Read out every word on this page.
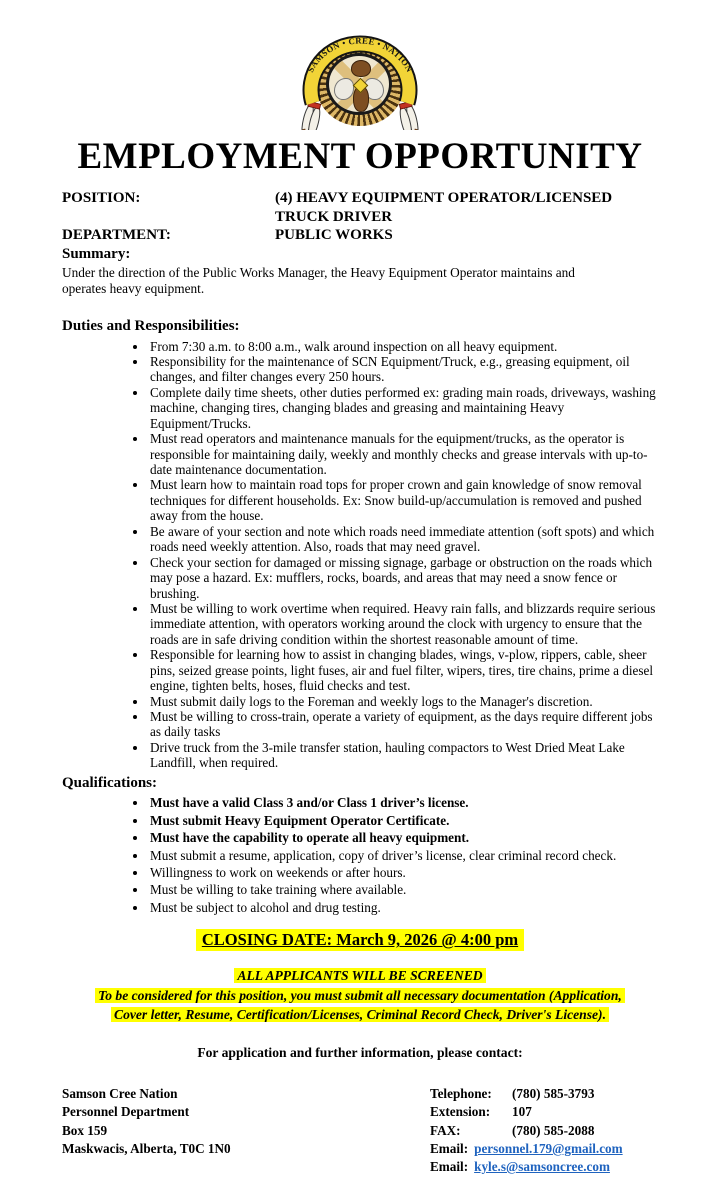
SAMSON • CREE • NATION
EMPLOYMENT OPPORTUNITY
POSITION:	(4) HEAVY EQUIPMENT OPERATOR/LICENSED
TRUCK DRIVER
DEPARTMENT:	PUBLIC WORKS
Summary:
Under the direction of the Public Works Manager, the Heavy Equipment Operator maintains and operates heavy equipment.
Duties and Responsibilities:
• From 7:30 a.m. to 8:00 a.m., walk around inspection on all heavy equipment.
• Responsibility for the maintenance of SCN Equipment/Truck, e.g., greasing equipment, oil changes, and filter changes every 250 hours.
• Complete daily time sheets, other duties performed ex: grading main roads, driveways, washing machine, changing tires, changing blades and greasing and maintaining Heavy Equipment/Trucks.
• Must read operators and maintenance manuals for the equipment/trucks, as the operator is responsible for maintaining daily, weekly and monthly checks and grease intervals with up-to-date maintenance documentation.
• Must learn how to maintain road tops for proper crown and gain knowledge of snow removal techniques for different households. Ex: Snow build-up/accumulation is removed and pushed away from the house.
• Be aware of your section and note which roads need immediate attention (soft spots) and which roads need weekly attention. Also, roads that may need gravel.
• Check your section for damaged or missing signage, garbage or obstruction on the roads which may pose a hazard. Ex: mufflers, rocks, boards, and areas that may need a snow fence or brushing.
• Must be willing to work overtime when required. Heavy rain falls, and blizzards require serious immediate attention, with operators working around the clock with urgency to ensure that the roads are in safe driving condition within the shortest reasonable amount of time.
• Responsible for learning how to assist in changing blades, wings, v-plow, rippers, cable, sheer pins, seized grease points, light fuses, air and fuel filter, wipers, tires, tire chains, prime a diesel engine, tighten belts, hoses, fluid checks and test.
• Must submit daily logs to the Foreman and weekly logs to the Manager's discretion.
• Must be willing to cross-train, operate a variety of equipment, as the days require different jobs as daily tasks
• Drive truck from the 3-mile transfer station, hauling compactors to West Dried Meat Lake Landfill, when required.
Qualifications:
• Must have a valid Class 3 and/or Class 1 driver’s license.
• Must submit Heavy Equipment Operator Certificate.
• Must have the capability to operate all heavy equipment.
• Must submit a resume, application, copy of driver’s license, clear criminal record check.
• Willingness to work on weekends or after hours.
• Must be willing to take training where available.
• Must be subject to alcohol and drug testing.
CLOSING DATE: March 9, 2026 @ 4:00 pm
ALL APPLICANTS WILL BE SCREENED
To be considered for this position, you must submit all necessary documentation (Application,
Cover letter, Resume, Certification/Licenses, Criminal Record Check, Driver's License).
For application and further information, please contact:
Samson Cree Nation
Personnel Department
Box 159
Maskwacis, Alberta, T0C 1N0
Telephone:	(780) 585-3793
Extension:	107
FAX:	(780) 585-2088
Email: personnel.179@gmail.com
Email: kyle.s@samsoncree.com
